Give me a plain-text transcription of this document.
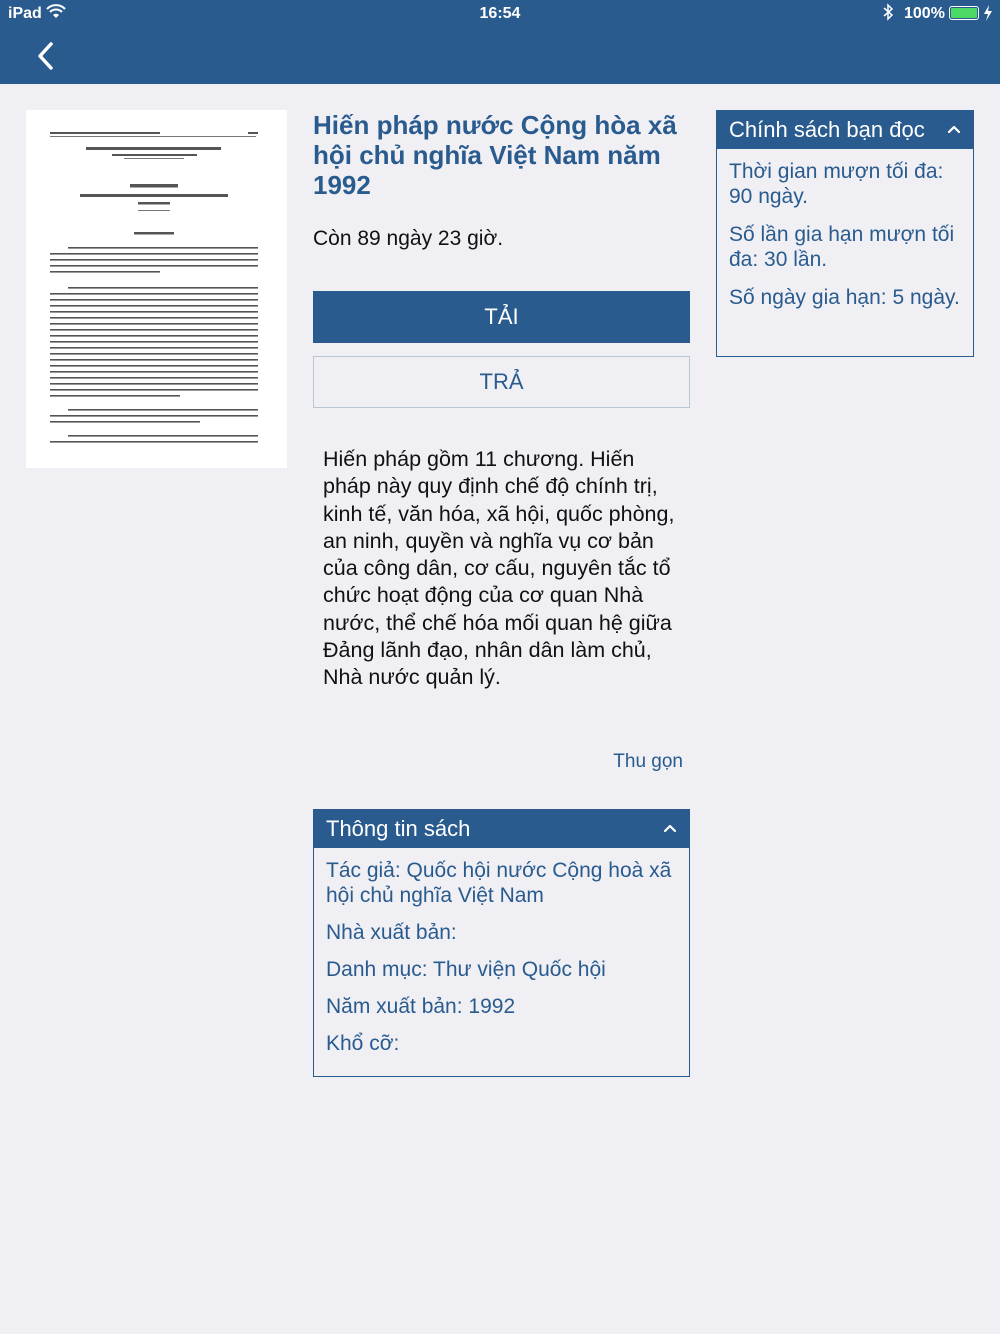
iPad	16:54	100%
Hiến pháp nước Cộng hòa xã hội chủ nghĩa Việt Nam năm 1992
Còn 89 ngày 23 giờ.
TẢI
TRẢ
Hiến pháp gồm 11 chương. Hiến pháp này quy định chế độ chính trị, kinh tế, văn hóa, xã hội, quốc phòng, an ninh, quyền và nghĩa vụ cơ bản của công dân, cơ cấu, nguyên tắc tổ chức hoạt động của cơ quan Nhà nước, thể chế hóa mối quan hệ giữa Đảng lãnh đạo, nhân dân làm chủ, Nhà nước quản lý.
Thu gọn
Chính sách bạn đọc
Thời gian mượn tối đa: 90 ngày.
Số lần gia hạn mượn tối đa: 30 lần.
Số ngày gia hạn: 5 ngày.
Thông tin sách
Tác giả: Quốc hội nước Cộng hoà xã hội chủ nghĩa Việt Nam
Nhà xuất bản:
Danh mục: Thư viện Quốc hội
Năm xuất bản: 1992
Khổ cỡ:
